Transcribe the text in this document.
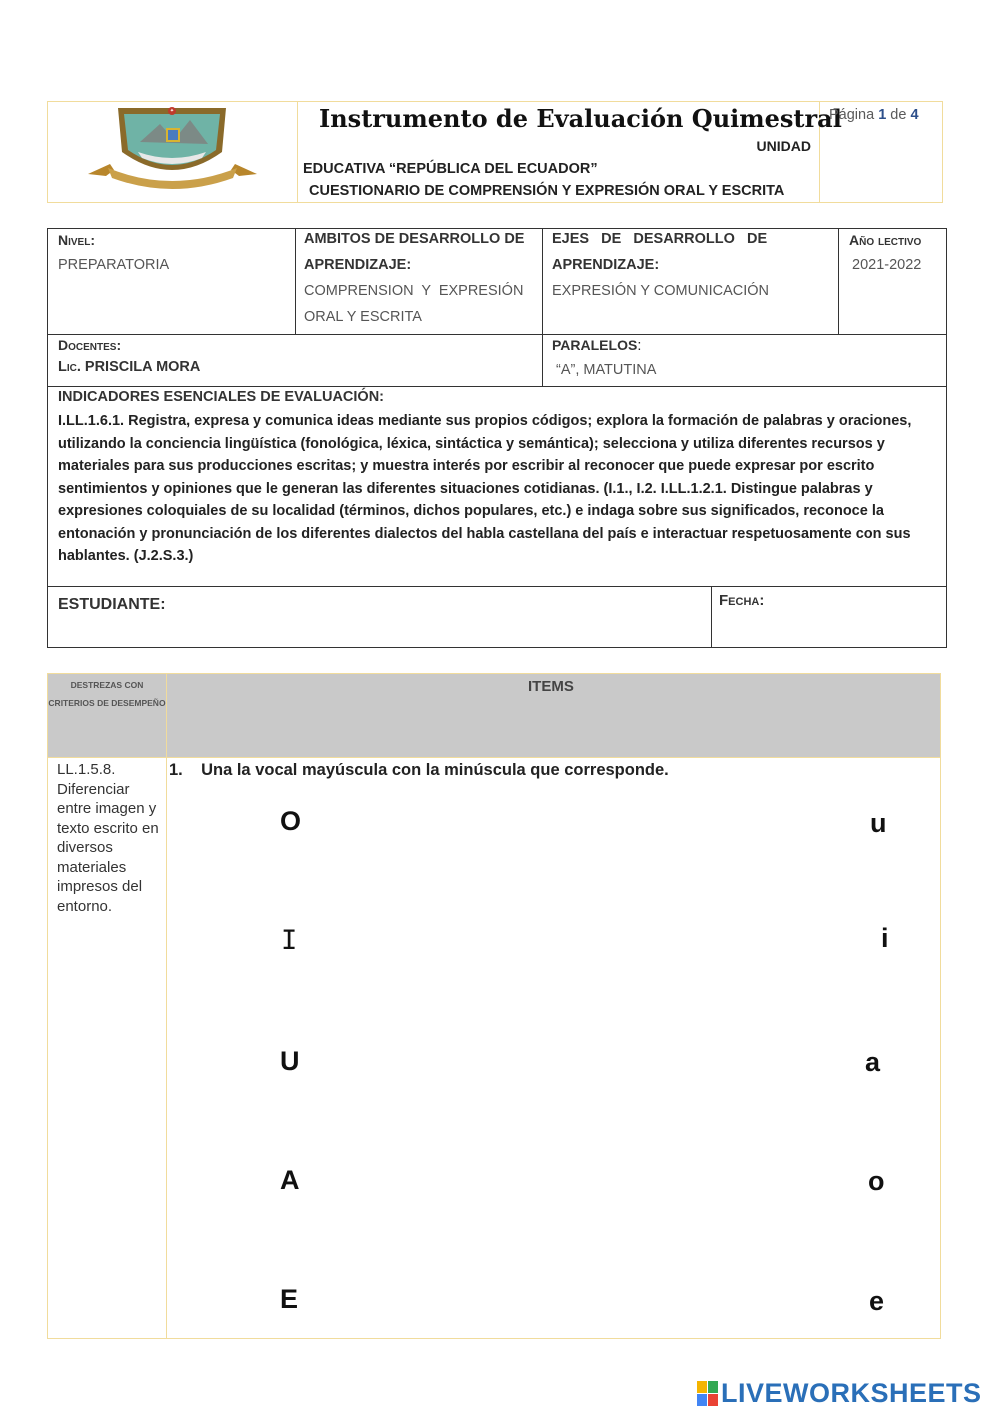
✦	Instrumento de Evaluación Quimestral
UNIDAD
EDUCATIVA “REPÚBLICA DEL ECUADOR”
CUESTIONARIO DE COMPRENSIÓN Y EXPRESIÓN ORAL Y ESCRITA
Página 1 de 4
Nivel:
PREPARATORIA
AMBITOS DE DESARROLLO DE
APRENDIZAJE:
COMPRENSION  Y  EXPRESIÓN
ORAL Y ESCRITA
EJES   DE   DESARROLLO   DE
APRENDIZAJE:
EXPRESIÓN Y COMUNICACIÓN
Año lectivo
2021-2022
Docentes:
Lic. PRISCILA MORA
PARALELOS:
“A”, MATUTINA
INDICADORES ESENCIALES DE EVALUACIÓN:
I.LL.1.6.1. Registra, expresa y comunica ideas mediante sus propios códigos; explora la formación de palabras y oraciones, utilizando la conciencia lingüística (fonológica, léxica, sintáctica y semántica); selecciona y utiliza diferentes recursos y materiales para sus producciones escritas; y muestra interés por escribir al reconocer que puede expresar por escrito sentimientos y opiniones que le generan las diferentes situaciones cotidianas. (I.1., I.2. I.LL.1.2.1. Distingue palabras y expresiones coloquiales de su localidad (términos, dichos populares, etc.) e indaga sobre sus significados, reconoce la entonación y pronunciación de los diferentes dialectos del habla castellana del país e interactuar respetuosamente con sus hablantes. (J.2.S.3.)
ESTUDIANTE:	Fecha:
DESTREZAS CON CRITERIOS DE DESEMPEÑO
ITEMS
LL.1.5.8. Diferenciar entre imagen y texto escrito en diversos materiales impresos del entorno.
1.    Una la vocal mayúscula con la minúscula que corresponde.
O
I
U
A
E
u
i
a
o
e
LIVEWORKSHEETS
